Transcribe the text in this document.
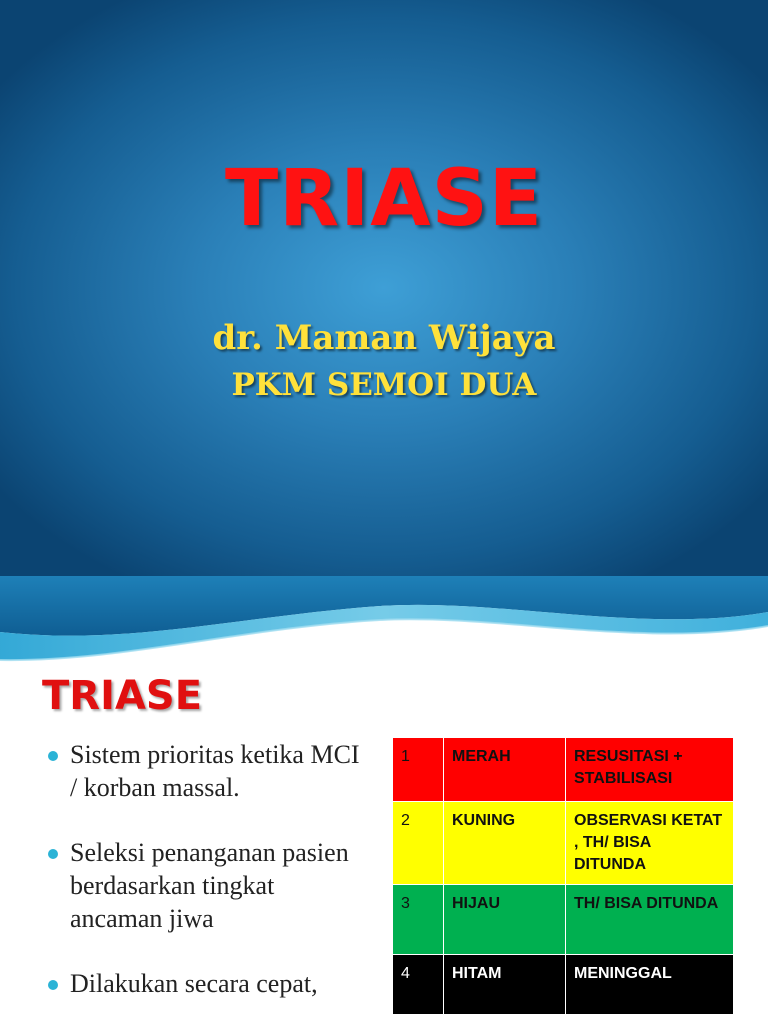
TRIASE
dr. Maman Wijaya
PKM SEMOI DUA
TRIASE
Sistem prioritas ketika MCI / korban massal.
Seleksi penanganan pasien berdasarkan tingkat ancaman jiwa
Dilakukan secara cepat,
1	MERAH	RESUSITASI + STABILISASI
2	KUNING	OBSERVASI KETAT , TH/ BISA DITUNDA
3	HIJAU	TH/ BISA DITUNDA
4	HITAM	MENINGGAL
